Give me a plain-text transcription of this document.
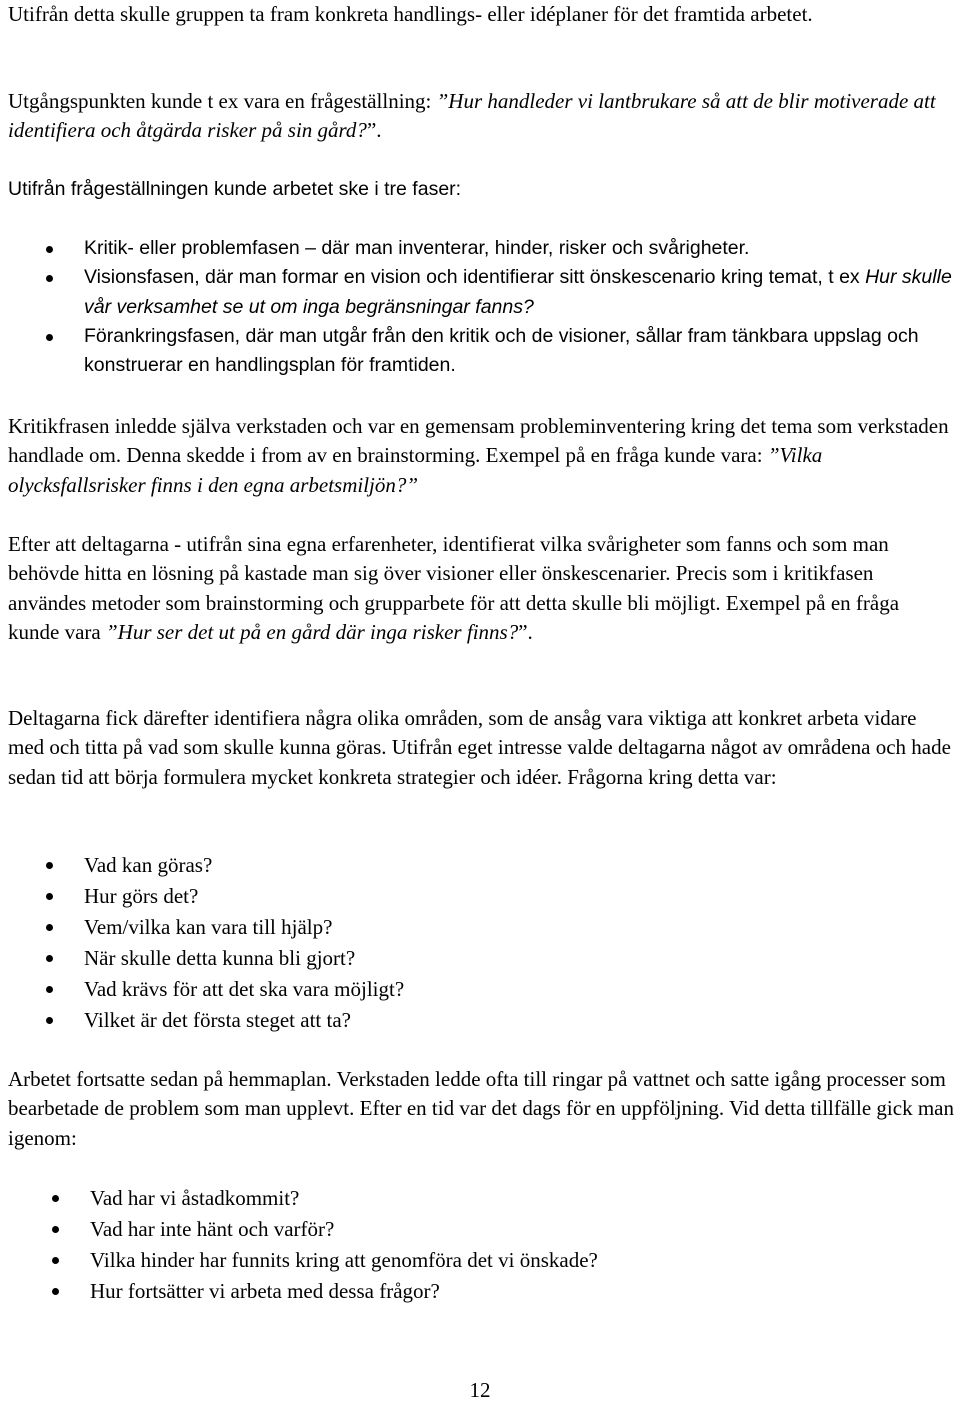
Utifrån detta skulle gruppen ta fram konkreta handlings- eller idéplaner för det framtida arbetet.

Utgångspunkten kunde t ex vara en frågeställning: ”Hur handleder vi lantbrukare så att de blir motiverade att identifiera och åtgärda risker på sin gård?”.

Utifrån frågeställningen kunde arbetet ske i tre faser:

Kritik- eller problemfasen – där man inventerar, hinder, risker och svårigheter.
Visionsfasen, där man formar en vision och identifierar sitt önskescenario kring temat, t ex Hur skulle vår verksamhet se ut om inga begränsningar fanns?
Förankringsfasen, där man utgår från den kritik och de visioner, sållar fram tänkbara uppslag och konstruerar en handlingsplan för framtiden.

Kritikfrasen inledde själva verkstaden och var en gemensam probleminventering kring det tema som verkstaden handlade om. Denna skedde i from av en brainstorming. Exempel på en fråga kunde vara: ”Vilka olycksfallsrisker finns i den egna arbetsmiljön?”

Efter att deltagarna - utifrån sina egna erfarenheter, identifierat vilka svårigheter som fanns och som man behövde hitta en lösning på kastade man sig över visioner eller önskescenarier. Precis som i kritikfasen användes metoder som brainstorming och grupparbete för att detta skulle bli möjligt. Exempel på en fråga kunde vara ”Hur ser det ut på en gård där inga risker finns?”.

Deltagarna fick därefter identifiera några olika områden, som de ansåg vara viktiga att konkret arbeta vidare med och titta på vad som skulle kunna göras. Utifrån eget intresse valde deltagarna något av områdena och hade sedan tid att börja formulera mycket konkreta strategier och idéer. Frågorna kring detta var:

Vad kan göras?
Hur görs det?
Vem/vilka kan vara till hjälp?
När skulle detta kunna bli gjort?
Vad krävs för att det ska vara möjligt?
Vilket är det första steget att ta?

Arbetet fortsatte sedan på hemmaplan. Verkstaden ledde ofta till ringar på vattnet och satte igång processer som bearbetade de problem som man upplevt. Efter en tid var det dags för en uppföljning. Vid detta tillfälle gick man igenom:

Vad har vi åstadkommit?
Vad har inte hänt och varför?
Vilka hinder har funnits kring att genomföra det vi önskade?
Hur fortsätter vi arbeta med dessa frågor?
12
